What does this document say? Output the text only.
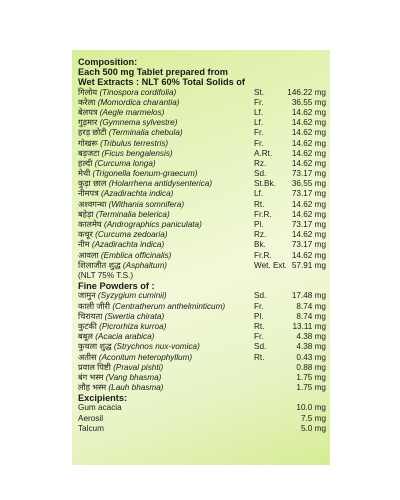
Composition:
Each 500 mg Tablet prepared from
Wet Extracts : NLT 60% Total Solids of
गिलोय (Tinospora cordifolia)	St.	146.22 mg
करेला (Momordica charantia)	Fr.	36.55 mg
बेलपत्र (Aegle marmelos)	Lf.	14.62 mg
गुड़मार (Gymnema sylvestre)	Lf.	14.62 mg
हरड़ छोटी (Terminalia chebula)	Fr.	14.62 mg
गोखरू (Tribulus terrestris)	Fr.	14.62 mg
बड़जटा (Ficus bengalensis)	A.Rt. 14.62 mg
हल्दी (Curcuma longa)	Rz.	14.62 mg
मेथी (Trigonella foenum-graecum)	Sd.	73.17 mg
कुड़ा छाल (Holarrhena antidysenterica)	St.Bk. 36.55 mg
नीमपत्र (Azadirachta indica)	Lf.	73.17 mg
अश्वगन्धा (Withania somnifera)	Rt.	14.62 mg
बहेड़ा (Terminalia belerica)	Fr.R. 14.62 mg
कालमेघ (Andrographics paniculata)	Pl.	73.17 mg
कचूर (Curcuma zedoaria)	Rz.	14.62 mg
नीम (Azadirachta indica)	Bk.	73.17 mg
आवला (Emblica officinalis)	Fr.R. 14.62 mg
शिलाजीत शुद्ध (Asphaltum)	Wet. Ext. 57.91 mg
(NLT 75% T.S.)
Fine Powders of :
जामुन (Syzygium cuminii)	Sd.	17.48 mg
काली जीरी (Centratherum anthelminticum)	Fr.	8.74 mg
चिरायता (Swertia chirata)	Pl.	8.74 mg
कुटकी (Picrorhiza kurroa)	Rt.	13.11 mg
बबूल (Acacia arabica)	Fr.	4.38 mg
कुचला शुद्ध (Strychnos nux-vomica)	Sd.	4.38 mg
अतीस (Aconitum heterophyllum)	Rt.	0.43 mg
प्रवाल पिष्टी (Praval pishti)	0.88 mg
बंग भस्म (Vang bhasma)	1.75 mg
लौह भस्म (Lauh bhasma)	1.75 mg
Excipients:
Gum acacia	10.0 mg
Aerosil	7.5 mg
Talcum	5.0 mg
